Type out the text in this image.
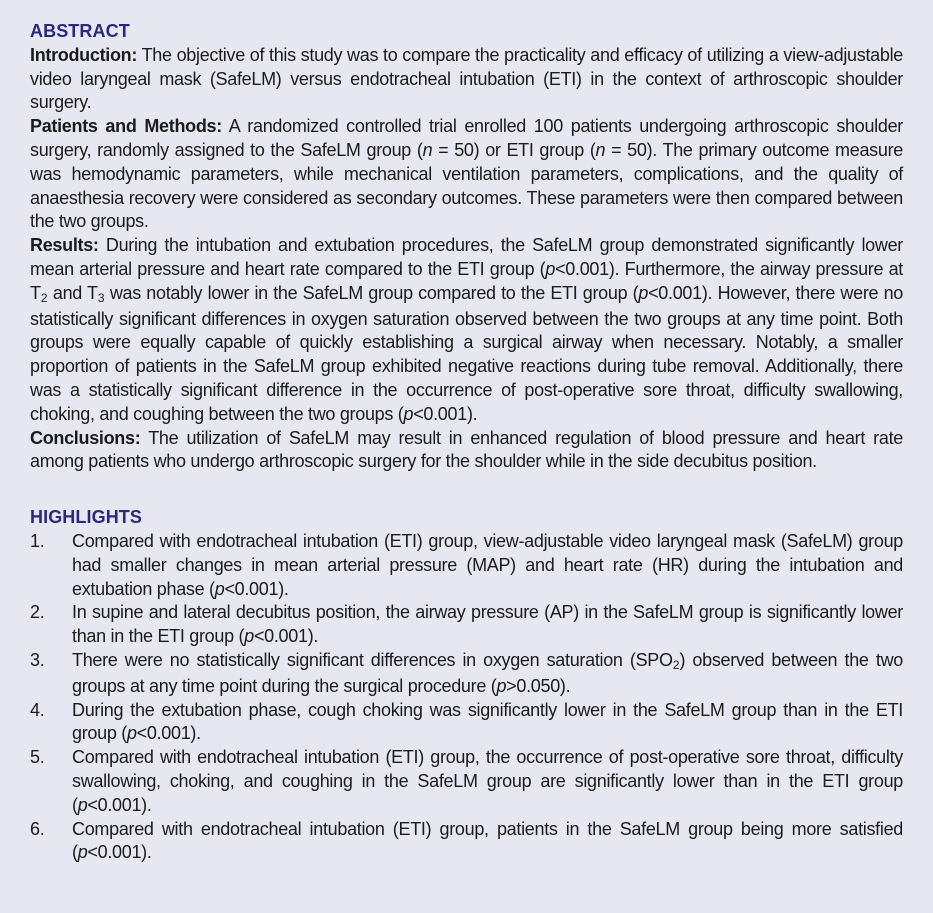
ABSTRACT
Introduction: The objective of this study was to compare the practicality and efficacy of utilizing a view-adjustable video laryngeal mask (SafeLM) versus endotracheal intubation (ETI) in the context of arthroscopic shoulder surgery.
Patients and Methods: A randomized controlled trial enrolled 100 patients undergoing arthroscopic shoulder surgery, randomly assigned to the SafeLM group (n = 50) or ETI group (n = 50). The primary outcome measure was hemodynamic parameters, while mechanical ventilation parameters, complications, and the quality of anaesthesia recovery were considered as secondary outcomes. These parameters were then compared between the two groups.
Results: During the intubation and extubation procedures, the SafeLM group demonstrated significantly lower mean arterial pressure and heart rate compared to the ETI group (p<0.001). Furthermore, the airway pressure at T2 and T3 was notably lower in the SafeLM group compared to the ETI group (p<0.001). However, there were no statistically significant differences in oxygen saturation observed between the two groups at any time point. Both groups were equally capable of quickly establishing a surgical airway when necessary. Notably, a smaller proportion of patients in the SafeLM group exhibited negative reactions during tube removal. Additionally, there was a statistically significant difference in the occurrence of post-operative sore throat, difficulty swallowing, choking, and coughing between the two groups (p<0.001).
Conclusions: The utilization of SafeLM may result in enhanced regulation of blood pressure and heart rate among patients who undergo arthroscopic surgery for the shoulder while in the side decubitus position.
HIGHLIGHTS
1.	Compared with endotracheal intubation (ETI) group, view-adjustable video laryngeal mask (SafeLM) group had smaller changes in mean arterial pressure (MAP) and heart rate (HR) during the intubation and extubation phase (p<0.001).
2.	In supine and lateral decubitus position, the airway pressure (AP) in the SafeLM group is significantly lower than in the ETI group (p<0.001).
3.	There were no statistically significant differences in oxygen saturation (SPO2) observed between the two groups at any time point during the surgical procedure (p>0.050).
4.	During the extubation phase, cough choking was significantly lower in the SafeLM group than in the ETI group (p<0.001).
5.	Compared with endotracheal intubation (ETI) group, the occurrence of post-operative sore throat, difficulty swallowing, choking, and coughing in the SafeLM group are significantly lower than in the ETI group (p<0.001).
6.	Compared with endotracheal intubation (ETI) group, patients in the SafeLM group being more satisfied (p<0.001).
